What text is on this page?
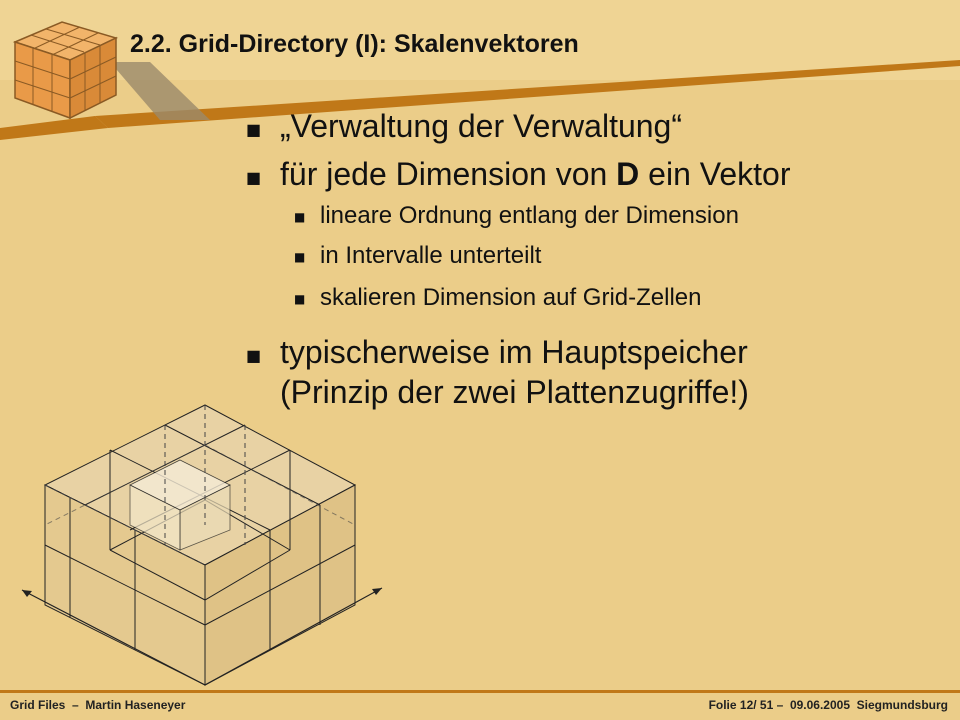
2.2. Grid-Directory (I): Skalenvektoren
■ „Verwaltung der Verwaltung“
■ für jede Dimension von D ein Vektor
■ lineare Ordnung entlang der Dimension
■ in Intervalle unterteilt
■ skalieren Dimension auf Grid-Zellen
■ typischerweise im Hauptspeicher
(Prinzip der zwei Plattenzugriffe!)
Grid Files  –  Martin Haseneyer	Folie 12/ 51 –  09.06.2005  Siegmundsburg
